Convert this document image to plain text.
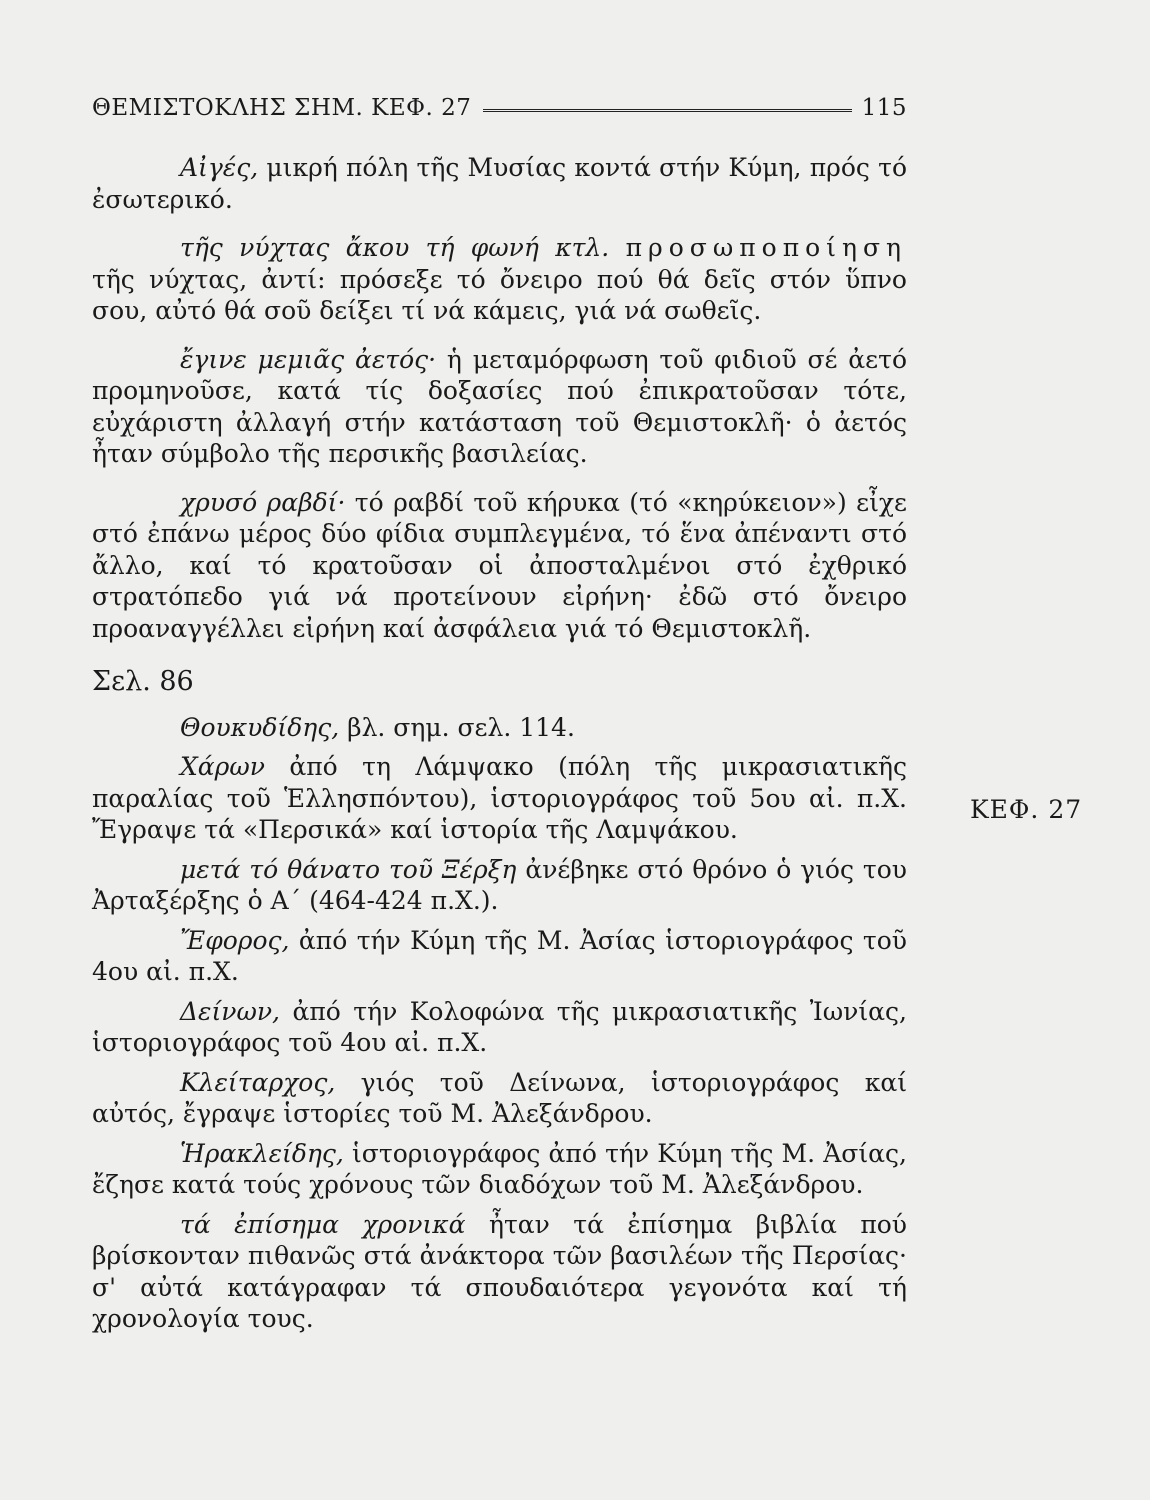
ΘΕΜΙΣΤΟΚΛΗΣ ΣΗΜ. ΚΕΦ. 27	115

Αἰγές, μικρή πόλη τῆς Μυσίας κοντά στήν Κύμη, πρός τό ἐσωτερικό.

τῆς νύχτας ἄκου τή φωνή κτλ. προσωποποίηση τῆς νύχτας, ἀντί: πρόσεξε τό ὄνειρο πού θά δεῖς στόν ὕπνο σου, αὐτό θά σοῦ δείξει τί νά κάμεις, γιά νά σωθεῖς.

ἔγινε μεμιᾶς ἀετός· ἡ μεταμόρφωση τοῦ φιδιοῦ σέ ἀετό προμηνοῦσε, κατά τίς δοξασίες πού ἐπικρατοῦσαν τότε, εὐχάριστη ἀλλαγή στήν κατάσταση τοῦ Θεμιστοκλῆ· ὁ ἀετός ἦταν σύμβολο τῆς περσικῆς βασιλείας.

χρυσό ραβδί· τό ραβδί τοῦ κήρυκα (τό «κηρύκειον») εἶχε στό ἐπάνω μέρος δύο φίδια συμπλεγμένα, τό ἕνα ἀπέναντι στό ἄλλο, καί τό κρατοῦσαν οἱ ἀποσταλμένοι στό ἐχθρικό στρατόπεδο γιά νά προτείνουν εἰρήνη· ἐδῶ στό ὄνειρο προαναγγέλλει εἰρήνη καί ἀσφάλεια γιά τό Θεμιστοκλῆ.

Σελ. 86

Θουκυδίδης, βλ. σημ. σελ. 114.

Χάρων ἀπό τη Λάμψακο (πόλη τῆς μικρασιατικῆς παραλίας τοῦ Ἑλλησπόντου), ἱστοριογράφος τοῦ 5ου αἰ. π.Χ. Ἔγραψε τά «Περσικά» καί ἱστορία τῆς Λαμψάκου.

μετά τό θάνατο τοῦ Ξέρξη ἀνέβηκε στό θρόνο ὁ γιός του Ἀρταξέρξης ὁ Α΄ (464-424 π.Χ.).

Ἔφορος, ἀπό τήν Κύμη τῆς Μ. Ἀσίας ἱστοριογράφος τοῦ 4ου αἰ. π.Χ.

Δείνων, ἀπό τήν Κολοφώνα τῆς μικρασιατικῆς Ἰωνίας, ἱστοριογράφος τοῦ 4ου αἰ. π.Χ.

Κλείταρχος, γιός τοῦ Δείνωνα, ἱστοριογράφος καί αὐτός, ἔγραψε ἱστορίες τοῦ Μ. Ἀλεξάνδρου.

Ἡρακλείδης, ἱστοριογράφος ἀπό τήν Κύμη τῆς Μ. Ἀσίας, ἔζησε κατά τούς χρόνους τῶν διαδόχων τοῦ Μ. Ἀλεξάνδρου.

τά ἐπίσημα χρονικά ἦταν τά ἐπίσημα βιβλία πού βρίσκονταν πιθανῶς στά ἀνάκτορα τῶν βασιλέων τῆς Περσίας· σ' αὐτά κατάγραφαν τά σπουδαιότερα γεγονότα καί τή χρονολογία τους.

ΚΕΦ. 27
